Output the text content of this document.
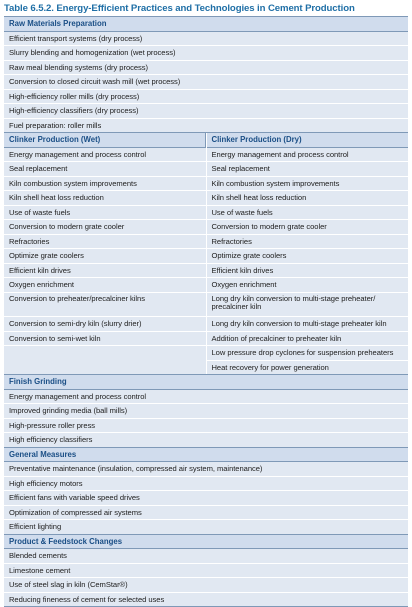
Table 6.5.2. Energy-Efficient Practices and Technologies in Cement Production
Raw Materials Preparation
Efficient transport systems (dry process)
Slurry blending and homogenization (wet process)
Raw meal blending systems (dry process)
Conversion to closed circuit wash mill (wet process)
High-efficiency roller mills (dry process)
High-efficiency classifiers (dry process)
Fuel preparation: roller mills
Clinker Production (Wet)
Energy management and process control
Seal replacement
Kiln combustion system improvements
Kiln shell heat loss reduction
Use of waste fuels
Conversion to modern grate cooler
Refractories
Optimize grate coolers
Efficient kiln drives
Oxygen enrichment
Conversion to preheater/precalciner kilns
Conversion to semi-dry kiln (slurry drier)
Conversion to semi-wet kiln
Clinker Production (Dry)
Energy management and process control
Seal replacement
Kiln combustion system improvements
Kiln shell heat loss reduction
Use of waste fuels
Conversion to modern grate cooler
Refractories
Optimize grate coolers
Efficient kiln drives
Oxygen enrichment
Long dry kiln conversion to multi-stage preheater/ precalciner kiln
Long dry kiln conversion to multi-stage preheater kiln
Addition of precalciner to preheater kiln
Low pressure drop cyclones for suspension preheaters
Heat recovery for power generation
Finish Grinding
Energy management and process control
Improved grinding media (ball mills)
High-pressure roller press
High efficiency classifiers
General Measures
Preventative maintenance (insulation, compressed air system, maintenance)
High efficiency motors
Efficient fans with variable speed drives
Optimization of compressed air systems
Efficient lighting
Product & Feedstock Changes
Blended cements
Limestone cement
Use of steel slag in kiln (CemStar®)
Reducing fineness of cement for selected uses
